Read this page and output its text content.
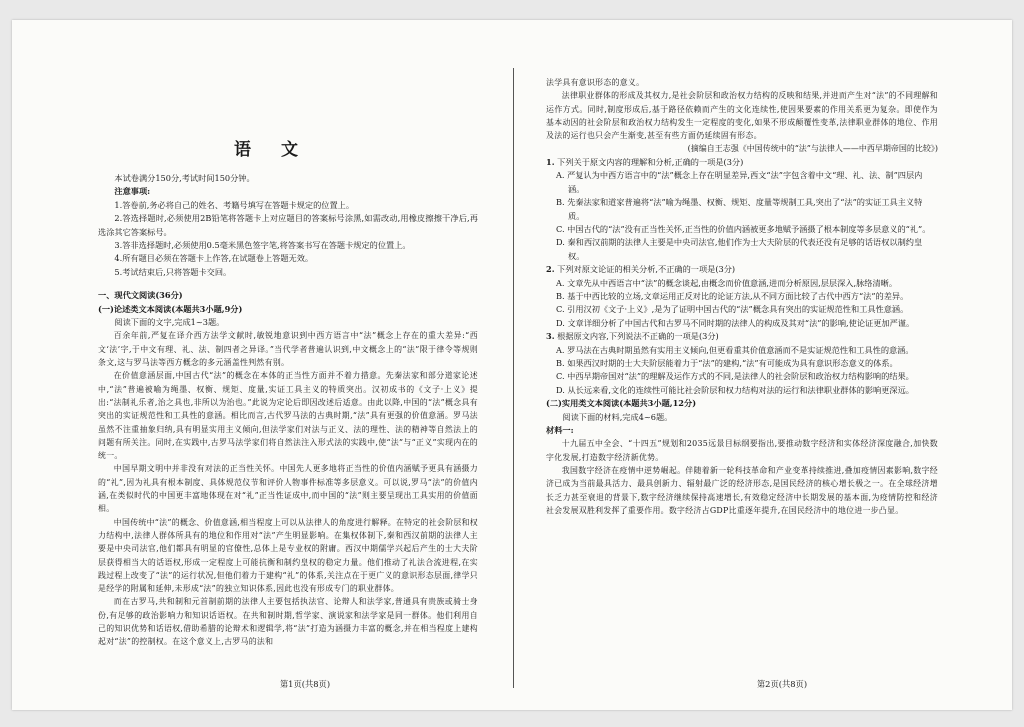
语 文

本试卷满分150分,考试时间150分钟。

注意事项:

1.答卷前,务必将自己的姓名、考籍号填写在答题卡规定的位置上。

2.答选择题时,必须使用2B铅笔将答题卡上对应题目的答案标号涂黑,如需改动,用橡皮擦擦干净后,再选涂其它答案标号。

3.答非选择题时,必须使用0.5毫米黑色签字笔,将答案书写在答题卡规定的位置上。

4.所有题目必须在答题卡上作答,在试题卷上答题无效。

5.考试结束后,只将答题卡交回。

一、现代文阅读(36分)

(一)论述类文本阅读(本题共3小题,9分)

阅读下面的文字,完成1~3题。

百余年前,严复在译介西方法学文献时,敏锐地意识到中西方语言中“法”概念上存在的重大差异:“西文‘法’字,于中文有理、礼、法、制四者之异译。”当代学者普遍认识到,中文概念上的“法”限于律令等规则条文,这与罗马法等西方概念的多元涵盖性判然有别。

在价值意涵层面,中国古代“法”的概念在本体的正当性方面并不着力措意。先秦法家和部分道家论述中,“法”普遍被喻为绳墨、权衡、规矩、度量,实证工具主义的特质突出。汉初成书的《文子·上义》提出:“法制礼乐者,治之具也,非所以为治也。”此说为定论后即因改述后适意。由此以降,中国的“法”概念具有突出的实证规范性和工具性的意涵。相比而言,古代罗马法的古典时期,“法”具有更强的价值意涵。罗马法虽然不注重抽象归纳,具有明显实用主义倾向,但法学家们对法与正义、法的理性、法的精神等自然法上的问题有所关注。同时,在实践中,古罗马法学家们将自然法注入形式法的实践中,使“法”与“正义”实现内在的统一。

中国早期文明中并非没有对法的正当性关怀。中国先人更多地将正当性的价值内涵赋予更具有涵摄力的“礼”,因为礼具有根本制度、具体规范仪节和评价人物事件标准等多层意义。可以说,罗马“法”的价值内涵,在类似时代的中国更丰富地体现在对“礼”正当性证成中,而中国的“法”则主要呈现出工具实用的价值面相。

中国传统中“法”的概念、价值意涵,相当程度上可以从法律人的角度进行解释。在特定的社会阶层和权力结构中,法律人群体所具有的地位和作用对“法”产生明显影响。在集权体制下,秦和西汉前期的法律人主要是中央司法官,他们都具有明显的官僚性,总体上是专业权的附庸。西汉中期儒学兴起后产生的士大夫阶层获得相当大的话语权,形成一定程度上可能抗衡和制约皇权的稳定力量。他们推动了礼法合流进程,在实践过程上改变了“法”的运行状况,但他们着力于建构“礼”的体系,关注点在于更广义的意识形态层面,律学只是经学的附属和延伸,未形成“法”的独立知识体系,因此也没有形成专门的职业群体。

而在古罗马,共和制和元首制前期的法律人主要包括执法官、论辩人和法学家,普通具有贵族或骑士身份,有足够的政治影响力和知识话语权。在共和制时期,哲学家、演说家和法学家是同一群体。他们利用自己的知识优势和话语权,借助希腊的论辩术和逻辑学,将“法”打造为涵摄力丰富的概念,并在相当程度上建构起对“法”的控制权。在这个意义上,古罗马的法和

第1页(共8页)

法学具有意识形态的意义。

法律职业群体的形成及其权力,是社会阶层和政治权力结构的反映和结果,并进而产生对“法”的不同理解和运作方式。同时,制度形成后,基于路径依赖而产生的文化连续性,使因果要素的作用关系更为复杂。即使作为基本动因的社会阶层和政治权力结构发生一定程度的变化,如果不形成颠覆性变革,法律职业群体的地位、作用及法的运行也只会产生渐变,甚至有些方面仍延续固有形态。

(摘编自王志强《中国传统中的“法”与法律人——中西早期帝国的比较》)

1. 下列关于原文内容的理解和分析,正确的一项是(3分)

A. 严复认为中西方语言中的“法”概念上存在明显差异,西文“法”字包含着中文“理、礼、法、制”四层内涵。

B. 先秦法家和道家普遍将“法”喻为绳墨、权衡、规矩、度量等规制工具,突出了“法”的实证工具主义特质。

C. 中国古代的“法”没有正当性关怀,正当性的价值内涵被更多地赋予涵摄了根本制度等多层意义的“礼”。

D. 秦和西汉前期的法律人主要是中央司法官,他们作为士大夫阶层的代表还没有足够的话语权以制约皇权。

2. 下列对原文论证的相关分析,不正确的一项是(3分)

A. 文章先从中西语言中“法”的概念谈起,由概念而价值意涵,进而分析原因,层层深入,脉络清晰。

B. 基于中西比较的立场,文章运用正反对比的论证方法,从不同方面比较了古代中西方“法”的差异。

C. 引用汉初《文子·上义》,是为了证明中国古代的“法”概念具有突出的实证规范性和工具性意涵。

D. 文章详细分析了中国古代和古罗马不同时期的法律人的构成及其对“法”的影响,使论证更加严谨。

3. 根据原文内容,下列说法不正确的一项是(3分)

A. 罗马法在古典时期虽然有实用主义倾向,但更看重其价值意涵而不是实证规范性和工具性的意涵。

B. 如果西汉时期的士大夫阶层能着力于“法”的建构,“法”有可能成为具有意识形态意义的体系。

C. 中西早期帝国对“法”的理解及运作方式的不同,是法律人的社会阶层和政治权力结构影响的结果。

D. 从长远来看,文化的连续性可能比社会阶层和权力结构对法的运行和法律职业群体的影响更深远。

(二)实用类文本阅读(本题共3小题,12分)

阅读下面的材料,完成4~6题。

材料一:

十九届五中全会、“十四五”规划和2035远景目标纲要指出,要推动数字经济和实体经济深度融合,加快数字化发展,打造数字经济新优势。

我国数字经济在疫情中逆势崛起。伴随着新一轮科技革命和产业变革持续推进,叠加疫情因素影响,数字经济已成为当前最具活力、最具创新力、辐射最广泛的经济形态,是国民经济的核心增长极之一。在全球经济增长乏力甚至衰退的背景下,数字经济继续保持高速增长,有效稳定经济中长期发展的基本面,为疫情防控和经济社会发展双胜利发挥了重要作用。数字经济占GDP比重逐年提升,在国民经济中的地位进一步凸显。

第2页(共8页)
